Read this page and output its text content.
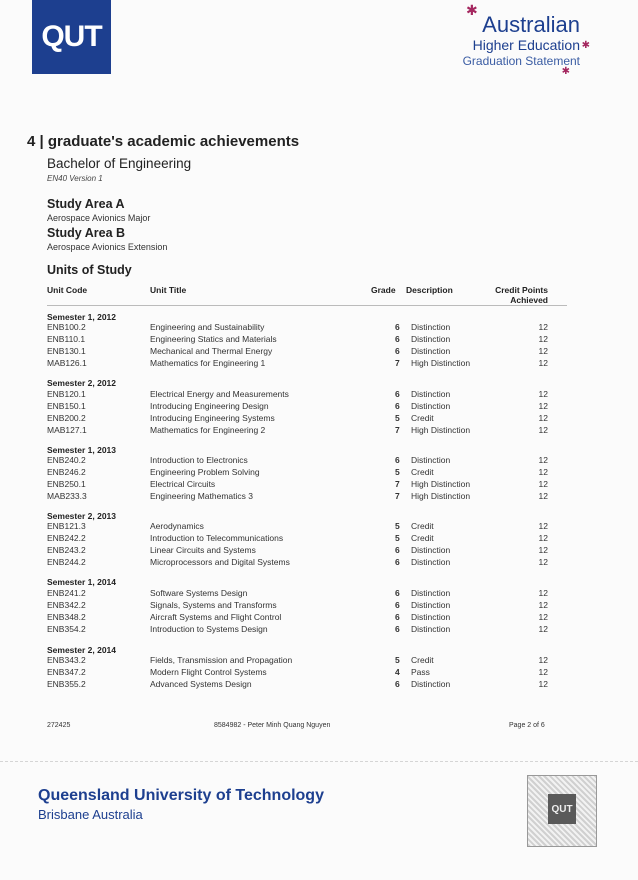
QUT
✱
✱
✱
Australian
Higher Education
Graduation Statement
4 | graduate's academic achievements
Bachelor of Engineering
EN40 Version 1
Study Area A
Aerospace Avionics Major
Study Area B
Aerospace Avionics Extension
Units of Study
Unit Code	Unit Title	Grade Description	Credit Points
Achieved
Semester 1, 2012
ENB100.2	Engineering and Sustainability	6 Distinction	12
ENB110.1	Engineering Statics and Materials	6 Distinction	12
ENB130.1	Mechanical and Thermal Energy	6 Distinction	12
MAB126.1	Mathematics for Engineering 1	7 High Distinction	12
Semester 2, 2012
ENB120.1	Electrical Energy and Measurements	6 Distinction	12
ENB150.1	Introducing Engineering Design	6 Distinction	12
ENB200.2	Introducing Engineering Systems	5 Credit	12
MAB127.1	Mathematics for Engineering 2	7 High Distinction	12
Semester 1, 2013
ENB240.2	Introduction to Electronics	6 Distinction	12
ENB246.2	Engineering Problem Solving	5 Credit	12
ENB250.1	Electrical Circuits	7 High Distinction	12
MAB233.3	Engineering Mathematics 3	7 High Distinction	12
Semester 2, 2013
ENB121.3	Aerodynamics	5 Credit	12
ENB242.2	Introduction to Telecommunications	5 Credit	12
ENB243.2	Linear Circuits and Systems	6 Distinction	12
ENB244.2	Microprocessors and Digital Systems	6 Distinction	12
Semester 1, 2014
ENB241.2	Software Systems Design	6 Distinction	12
ENB342.2	Signals, Systems and Transforms	6 Distinction	12
ENB348.2	Aircraft Systems and Flight Control	6 Distinction	12
ENB354.2	Introduction to Systems Design	6 Distinction	12
Semester 2, 2014
ENB343.2	Fields, Transmission and Propagation	5 Credit	12
ENB347.2	Modern Flight Control Systems	4 Pass	12
ENB355.2	Advanced Systems Design	6 Distinction	12
272425	8584982 - Peter Minh Quang Nguyen	Page 2 of 6
Queensland University of Technology
Brisbane Australia	QUT
